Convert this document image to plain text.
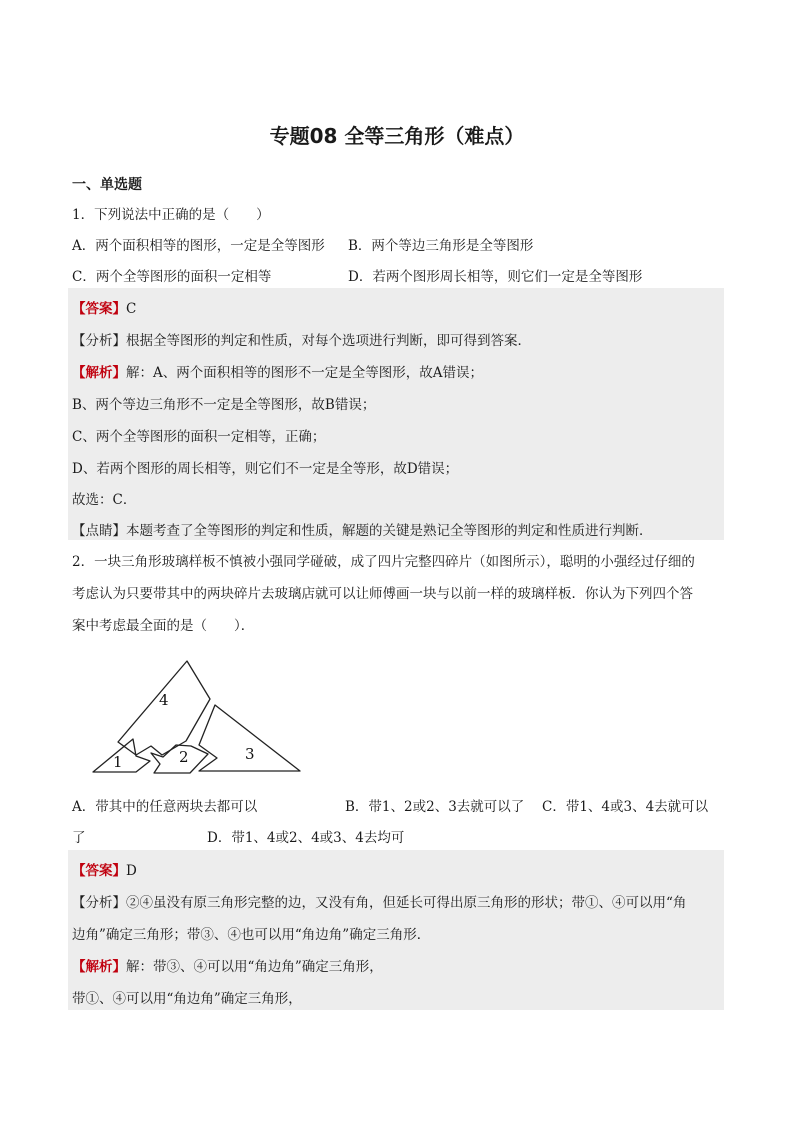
专题08 全等三角形（难点）
一、单选题
1．下列说法中正确的是（　　）
A．两个面积相等的图形，一定是全等图形 B．两个等边三角形是全等图形
C．两个全等图形的面积一定相等	D．若两个图形周长相等，则它们一定是全等图形
【答案】C
【分析】根据全等图形的判定和性质，对每个选项进行判断，即可得到答案．
【解析】解：A、两个面积相等的图形不一定是全等图形，故A错误；
B、两个等边三角形不一定是全等图形，故B错误；
C、两个全等图形的面积一定相等，正确；
D、若两个图形的周长相等，则它们不一定是全等形，故D错误；
故选：C．
【点睛】本题考查了全等图形的判定和性质，解题的关键是熟记全等图形的判定和性质进行判断．
2．一块三角形玻璃样板不慎被小强同学碰破，成了四片完整四碎片（如图所示），聪明的小强经过仔细的
考虑认为只要带其中的两块碎片去玻璃店就可以让师傅画一块与以前一样的玻璃样板．你认为下列四个答
案中考虑最全面的是（　　）．
4
1	2	3
A．带其中的任意两块去都可以	B．带1、2或2、3去就可以了 C．带1、4或3、4去就可以
了	D．带1、4或2、4或3、4去均可
【答案】D
【分析】②④虽没有原三角形完整的边，又没有角，但延长可得出原三角形的形状；带①、④可以用“角
边角”确定三角形；带③、④也可以用“角边角”确定三角形．
【解析】解：带③、④可以用“角边角”确定三角形，
带①、④可以用“角边角”确定三角形，
